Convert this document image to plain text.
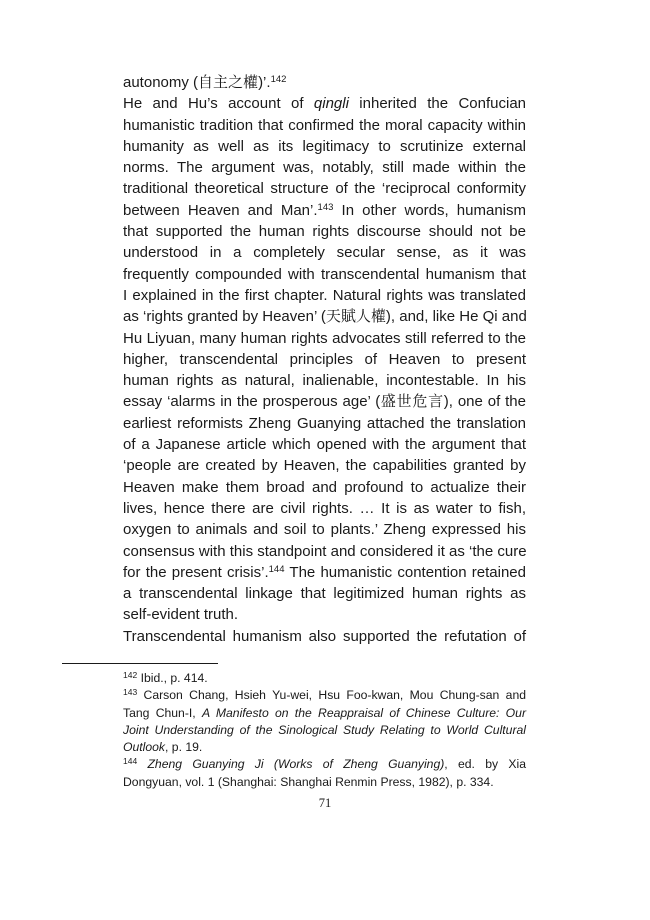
autonomy (自主之權)’.$^{142}$
He and Hu’s account of qingli inherited the Confucian
humanistic tradition that confirmed the moral capacity within
humanity as well as its legitimacy to scrutinize external
norms. The argument was, notably, still made within the
traditional theoretical structure of the ‘reciprocal conformity
between Heaven and Man’.$^{143}$ In other words, humanism
that supported the human rights discourse should not be
understood in a completely secular sense, as it was
frequently compounded with transcendental humanism that
I explained in the first chapter. Natural rights was translated
as ‘rights granted by Heaven’ (天賦人權), and, like He Qi and
Hu Liyuan, many human rights advocates still referred to the
higher, transcendental principles of Heaven to present
human rights as natural, inalienable, incontestable. In his
essay ‘alarms in the prosperous age’ (盛世危言), one of the
earliest reformists Zheng Guanying attached the translation
of a Japanese article which opened with the argument that
‘people are created by Heaven, the capabilities granted by
Heaven make them broad and profound to actualize their
lives, hence there are civil rights. … It is as water to fish,
oxygen to animals and soil to plants.’ Zheng expressed his
consensus with this standpoint and considered it as ‘the cure
for the present crisis’.$^{144}$ The humanistic contention retained
a transcendental linkage that legitimized human rights as
self-evident truth.
Transcendental humanism also supported the refutation of
$^{142}$ Ibid., p. 414.
$^{143}$ Carson Chang, Hsieh Yu-wei, Hsu Foo-kwan, Mou Chung-san and
Tang Chun-I, A Manifesto on the Reappraisal of Chinese Culture: Our
Joint Understanding of the Sinological Study Relating to World Cultural
Outlook, p. 19.
$^{144}$ Zheng Guanying Ji (Works of Zheng Guanying), ed. by Xia
Dongyuan, vol. 1 (Shanghai: Shanghai Renmin Press, 1982), p. 334.
71
